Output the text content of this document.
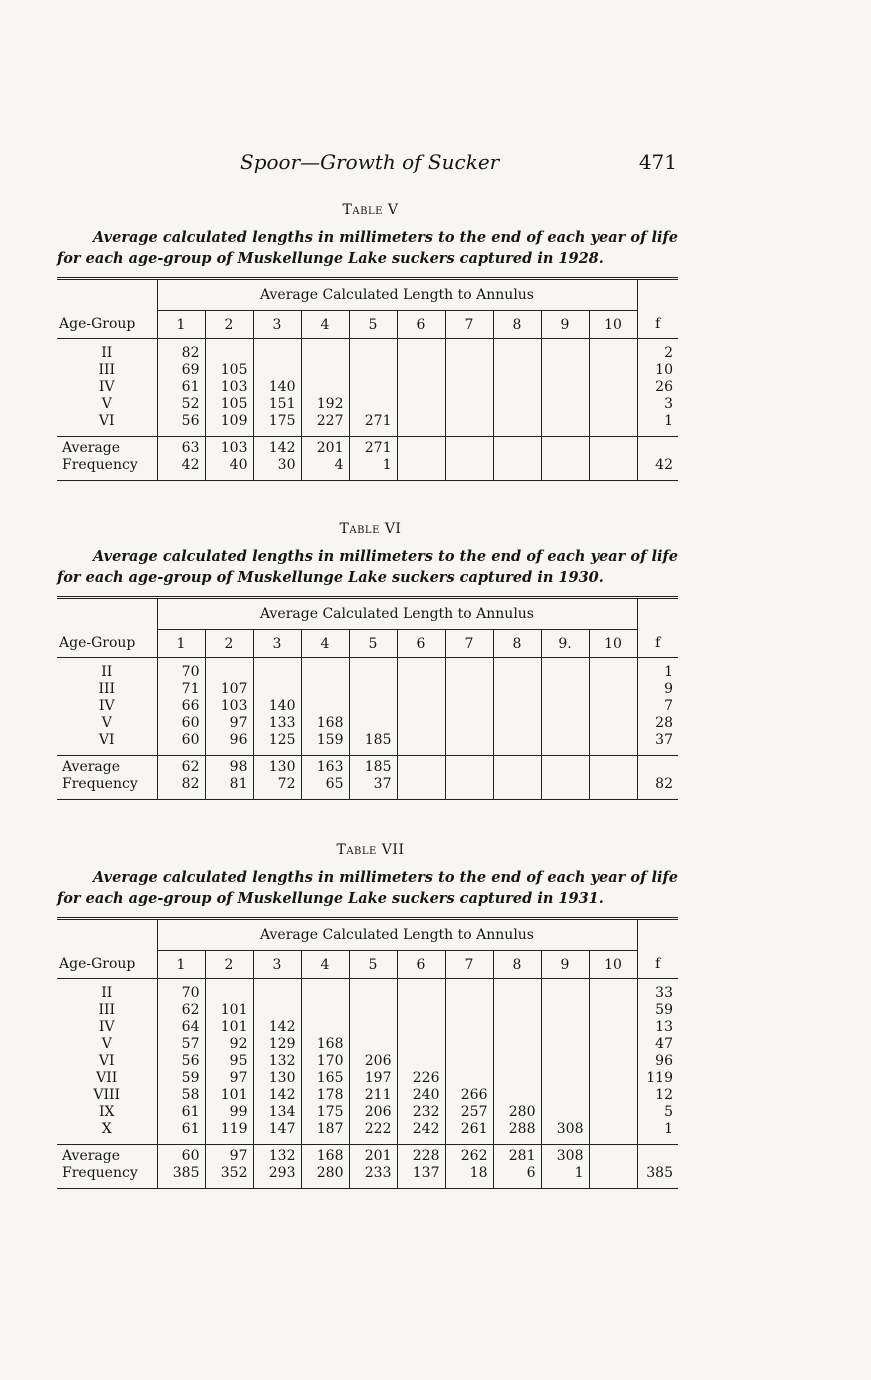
Spoor—Growth of Sucker	471
Table V
Average calculated lengths in millimeters to the end of each year of life for each age-group of Muskellunge Lake suckers captured in 1928.
	Average Calculated Length to Annulus										
Age-Group	1	2	3	4	5	6	7	8	9	10	f

II	82										2
III	69	105									10
IV	61	103	140								26
V	52	105	151	192							3
VI	56	109	175	227	271						1

Average	63	103	142	201	271						
Frequency	42	40	30	4	1						42

Table VI
Average calculated lengths in millimeters to the end of each year of life for each age-group of Muskellunge Lake suckers captured in 1930.
	Average Calculated Length to Annulus										
Age-Group	1	2	3	4	5	6	7	8	9.	10	f

II	70										1
III	71	107									9
IV	66	103	140								7
V	60	97	133	168							28
VI	60	96	125	159	185						37

Average	62	98	130	163	185						
Frequency	82	81	72	65	37						82

Table VII
Average calculated lengths in millimeters to the end of each year of life for each age-group of Muskellunge Lake suckers captured in 1931.
	Average Calculated Length to Annulus										
Age-Group	1	2	3	4	5	6	7	8	9	10	f

II	70										33
III	62	101									59
IV	64	101	142								13
V	57	92	129	168							47
VI	56	95	132	170	206						96
VII	59	97	130	165	197	226					119
VIII	58	101	142	178	211	240	266				12
IX	61	99	134	175	206	232	257	280			5
X	61	119	147	187	222	242	261	288	308		1

Average	60	97	132	168	201	228	262	281	308		
Frequency	385	352	293	280	233	137	18	6	1		385
